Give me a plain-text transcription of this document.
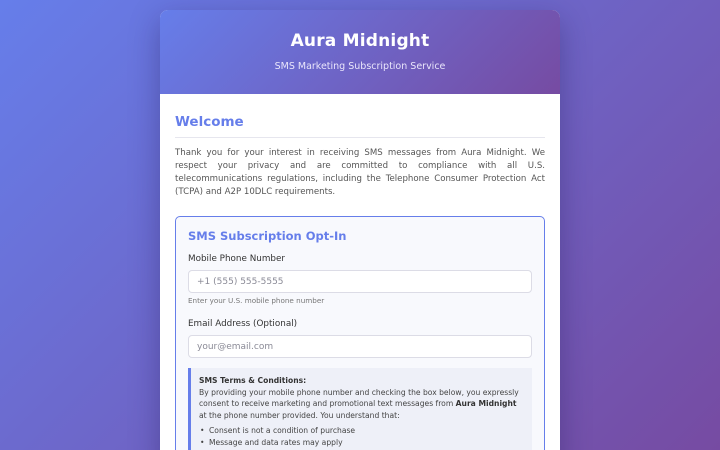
Aura Midnight
SMS Marketing Subscription Service
Welcome

Thank you for your interest in receiving SMS messages from Aura Midnight. We respect your privacy and are committed to compliance with all U.S. telecommunications regulations, including the Telephone Consumer Protection Act (TCPA) and A2P 10DLC requirements.

SMS Subscription Opt-In
Mobile Phone Number
+1 (555) 555-5555
Enter your U.S. mobile phone number
Email Address (Optional)
your@email.com
SMS Terms & Conditions:
By providing your mobile phone number and checking the box below, you expressly consent to receive marketing and promotional text messages from Aura Midnight at the phone number provided. You understand that:
• Consent is not a condition of purchase
• Message and data rates may apply
